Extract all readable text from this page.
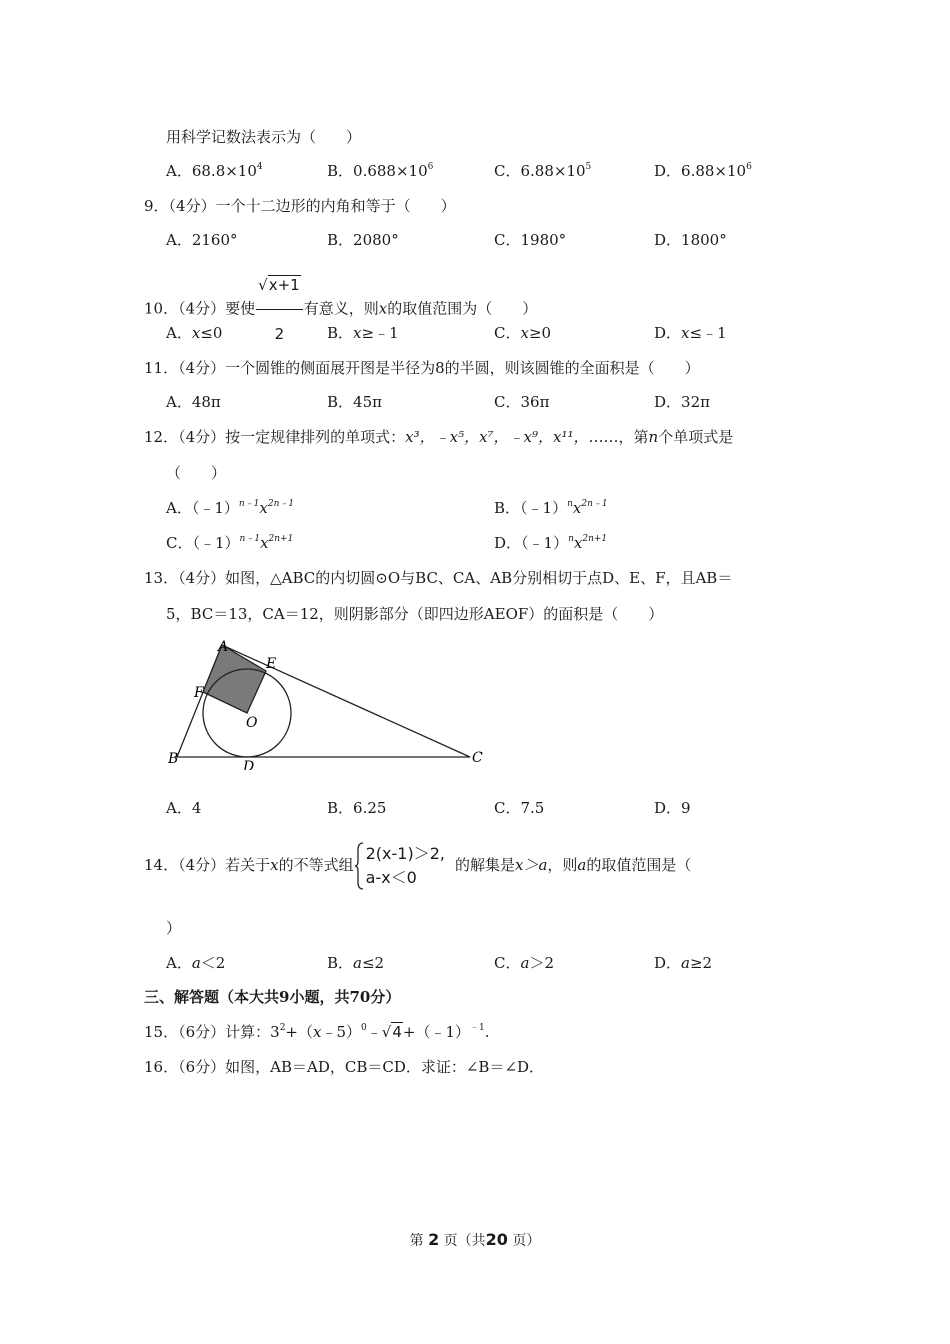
用科学记数法表示为（　　）
A．$68.8\times 10^4$	B．$0.688\times 10^6$	C．$6.88\times 10^5$	D．$6.88\times 10^6$
9．（4分）一个十二边形的内角和等于（　　）
A．2160°	B．2080°	C．1980°	D．1800°
10．（4分）要使 $\frac{√x+1}{2}$ 有意义，则x的取值范围为（　　）
A．x≤0	B．x≥﹣1	C．x≥0	D．x≤﹣1
11．（4分）一个圆锥的侧面展开图是半径为8的半圆，则该圆锥的全面积是（　　）
A．48π	B．45π	C．36π	D．32π
12．（4分）按一定规律排列的单项式：x³，﹣x⁵，x⁷，﹣x⁹，x¹¹，……，第n个单项式是
（　　）
A．$(﹣1)^{n﹣1}x^{2n﹣1}$	B．$(﹣1)^nx^{2n﹣1}$
C．$(﹣1)^{n﹣1}x^{2n+1}$	D．$(﹣1)^nx^{2n+1}$
13．（4分）如图，△ABC的内切圆⊙O与BC、CA、AB分别相切于点D、E、F，且AB＝
5，BC＝13，CA＝12，则阴影部分（即四边形AEOF）的面积是（　　）
A
B	C
D
E
F
O
A．4	B．6.25	C．7.5	D．9
14．（4分）若关于x的不等式组
2(x-1)＞2,
a-x＜0
的解集是x＞a，则a的取值范围是（
）
A．a＜2	B．a≤2	C．a＞2	D．a≥2
三、解答题（本大共9小题，共70分）
15．（6分）计算：$3^2+(x﹣5)^0﹣√4+(﹣1)^{﹣1}$.
16．（6分）如图，AB＝AD，CB＝CD．求证：∠B＝∠D．
第 2 页（共20 页）
